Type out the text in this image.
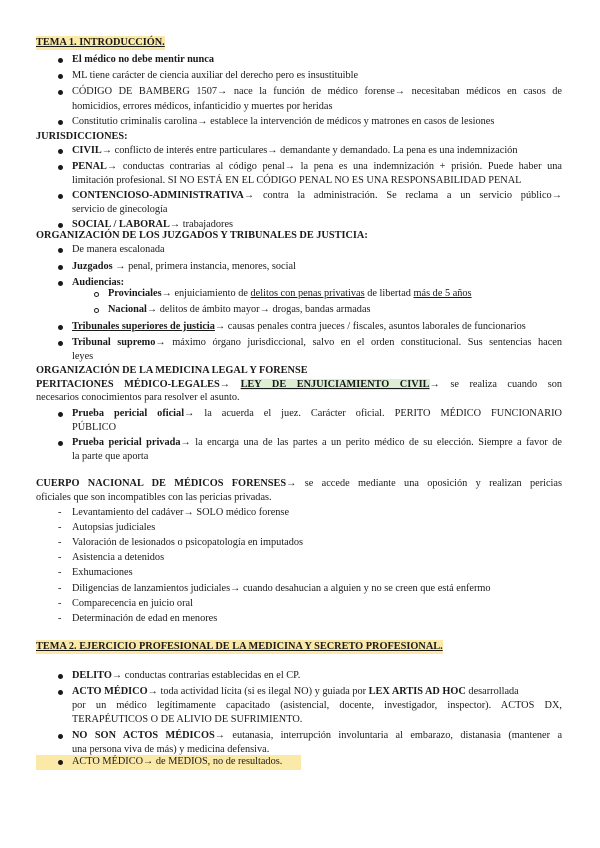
TEMA 1. INTRODUCCIÓN.
El médico no debe mentir nunca
ML tiene carácter de ciencia auxiliar del derecho pero es insustituible
CÓDIGO DE BAMBERG 1507→ nace la función de médico forense→ necesitaban médicos en casos de
homicidios, errores médicos, infanticidio y muertes por heridas
Constitutio criminalis carolina→ establece la intervención de médicos y matrones en casos de lesiones
JURISDICCIONES:
CIVIL→ conflicto de interés entre particulares→ demandante y demandado. La pena es una indemnización
PENAL→ conductas contrarias al código penal→ la pena es una indemnización + prisión. Puede haber una
limitación profesional. SI NO ESTÁ EN EL CÓDIGO PENAL NO ES UNA RESPONSABILIDAD PENAL
CONTENCIOSO-ADMINISTRATIVA→ contra la administración. Se reclama a un servicio público→
servicio de ginecología
SOCIAL / LABORAL→ trabajadores
ORGANIZACIÓN DE LOS JUZGADOS Y TRIBUNALES DE JUSTICIA:
De manera escalonada
Juzgados → penal, primera instancia, menores, social
Audiencias:
Provinciales→ enjuiciamiento de delitos con penas privativas de libertad más de 5 años
Nacional→ delitos de ámbito mayor→ drogas, bandas armadas
Tribunales superiores de justicia→ causas penales contra jueces / fiscales, asuntos laborales de funcionarios
Tribunal supremo→ máximo órgano jurisdiccional, salvo en el orden constitucional. Sus sentencias hacen
leyes
ORGANIZACIÓN DE LA MEDICINA LEGAL Y FORENSE
PERITACIONES MÉDICO-LEGALES→ LEY DE ENJUICIAMIENTO CIVIL→ se realiza cuando son
necesarios conocimientos para resolver el asunto.
Prueba pericial oficial→ la acuerda el juez. Carácter oficial. PERITO MÉDICO FUNCIONARIO
PÚBLICO
Prueba pericial privada→ la encarga una de las partes a un perito médico de su elección. Siempre a favor de
la parte que aporta
CUERPO NACIONAL DE MÉDICOS FORENSES→ se accede mediante una oposición y realizan pericias
oficiales que son incompatibles con las pericias privadas.
- Levantamiento del cadáver→ SOLO médico forense
- Autopsias judiciales
- Valoración de lesionados o psicopatología en imputados
- Asistencia a detenidos
- Exhumaciones
- Diligencias de lanzamientos judiciales→ cuando desahucian a alguien y no se creen que está enfermo
- Comparecencia en juicio oral
- Determinación de edad en menores
TEMA 2. EJERCICIO PROFESIONAL DE LA MEDICINA Y SECRETO PROFESIONAL.
DELITO→ conductas contrarias establecidas en el CP.
ACTO MÉDICO→ toda actividad lícita (si es ilegal NO) y guiada por LEX ARTIS AD HOC desarrollada
por un médico legítimamente capacitado (asistencial, docente, investigador, inspector). ACTOS DX,
TERAPÉUTICOS O DE ALIVIO DE SUFRIMIENTO.
NO SON ACTOS MÉDICOS→ eutanasia, interrupción involuntaria al embarazo, distanasia (mantener a
una persona viva de más) y medicina defensiva.
ACTO MÉDICO→ de MEDIOS, no de resultados.
